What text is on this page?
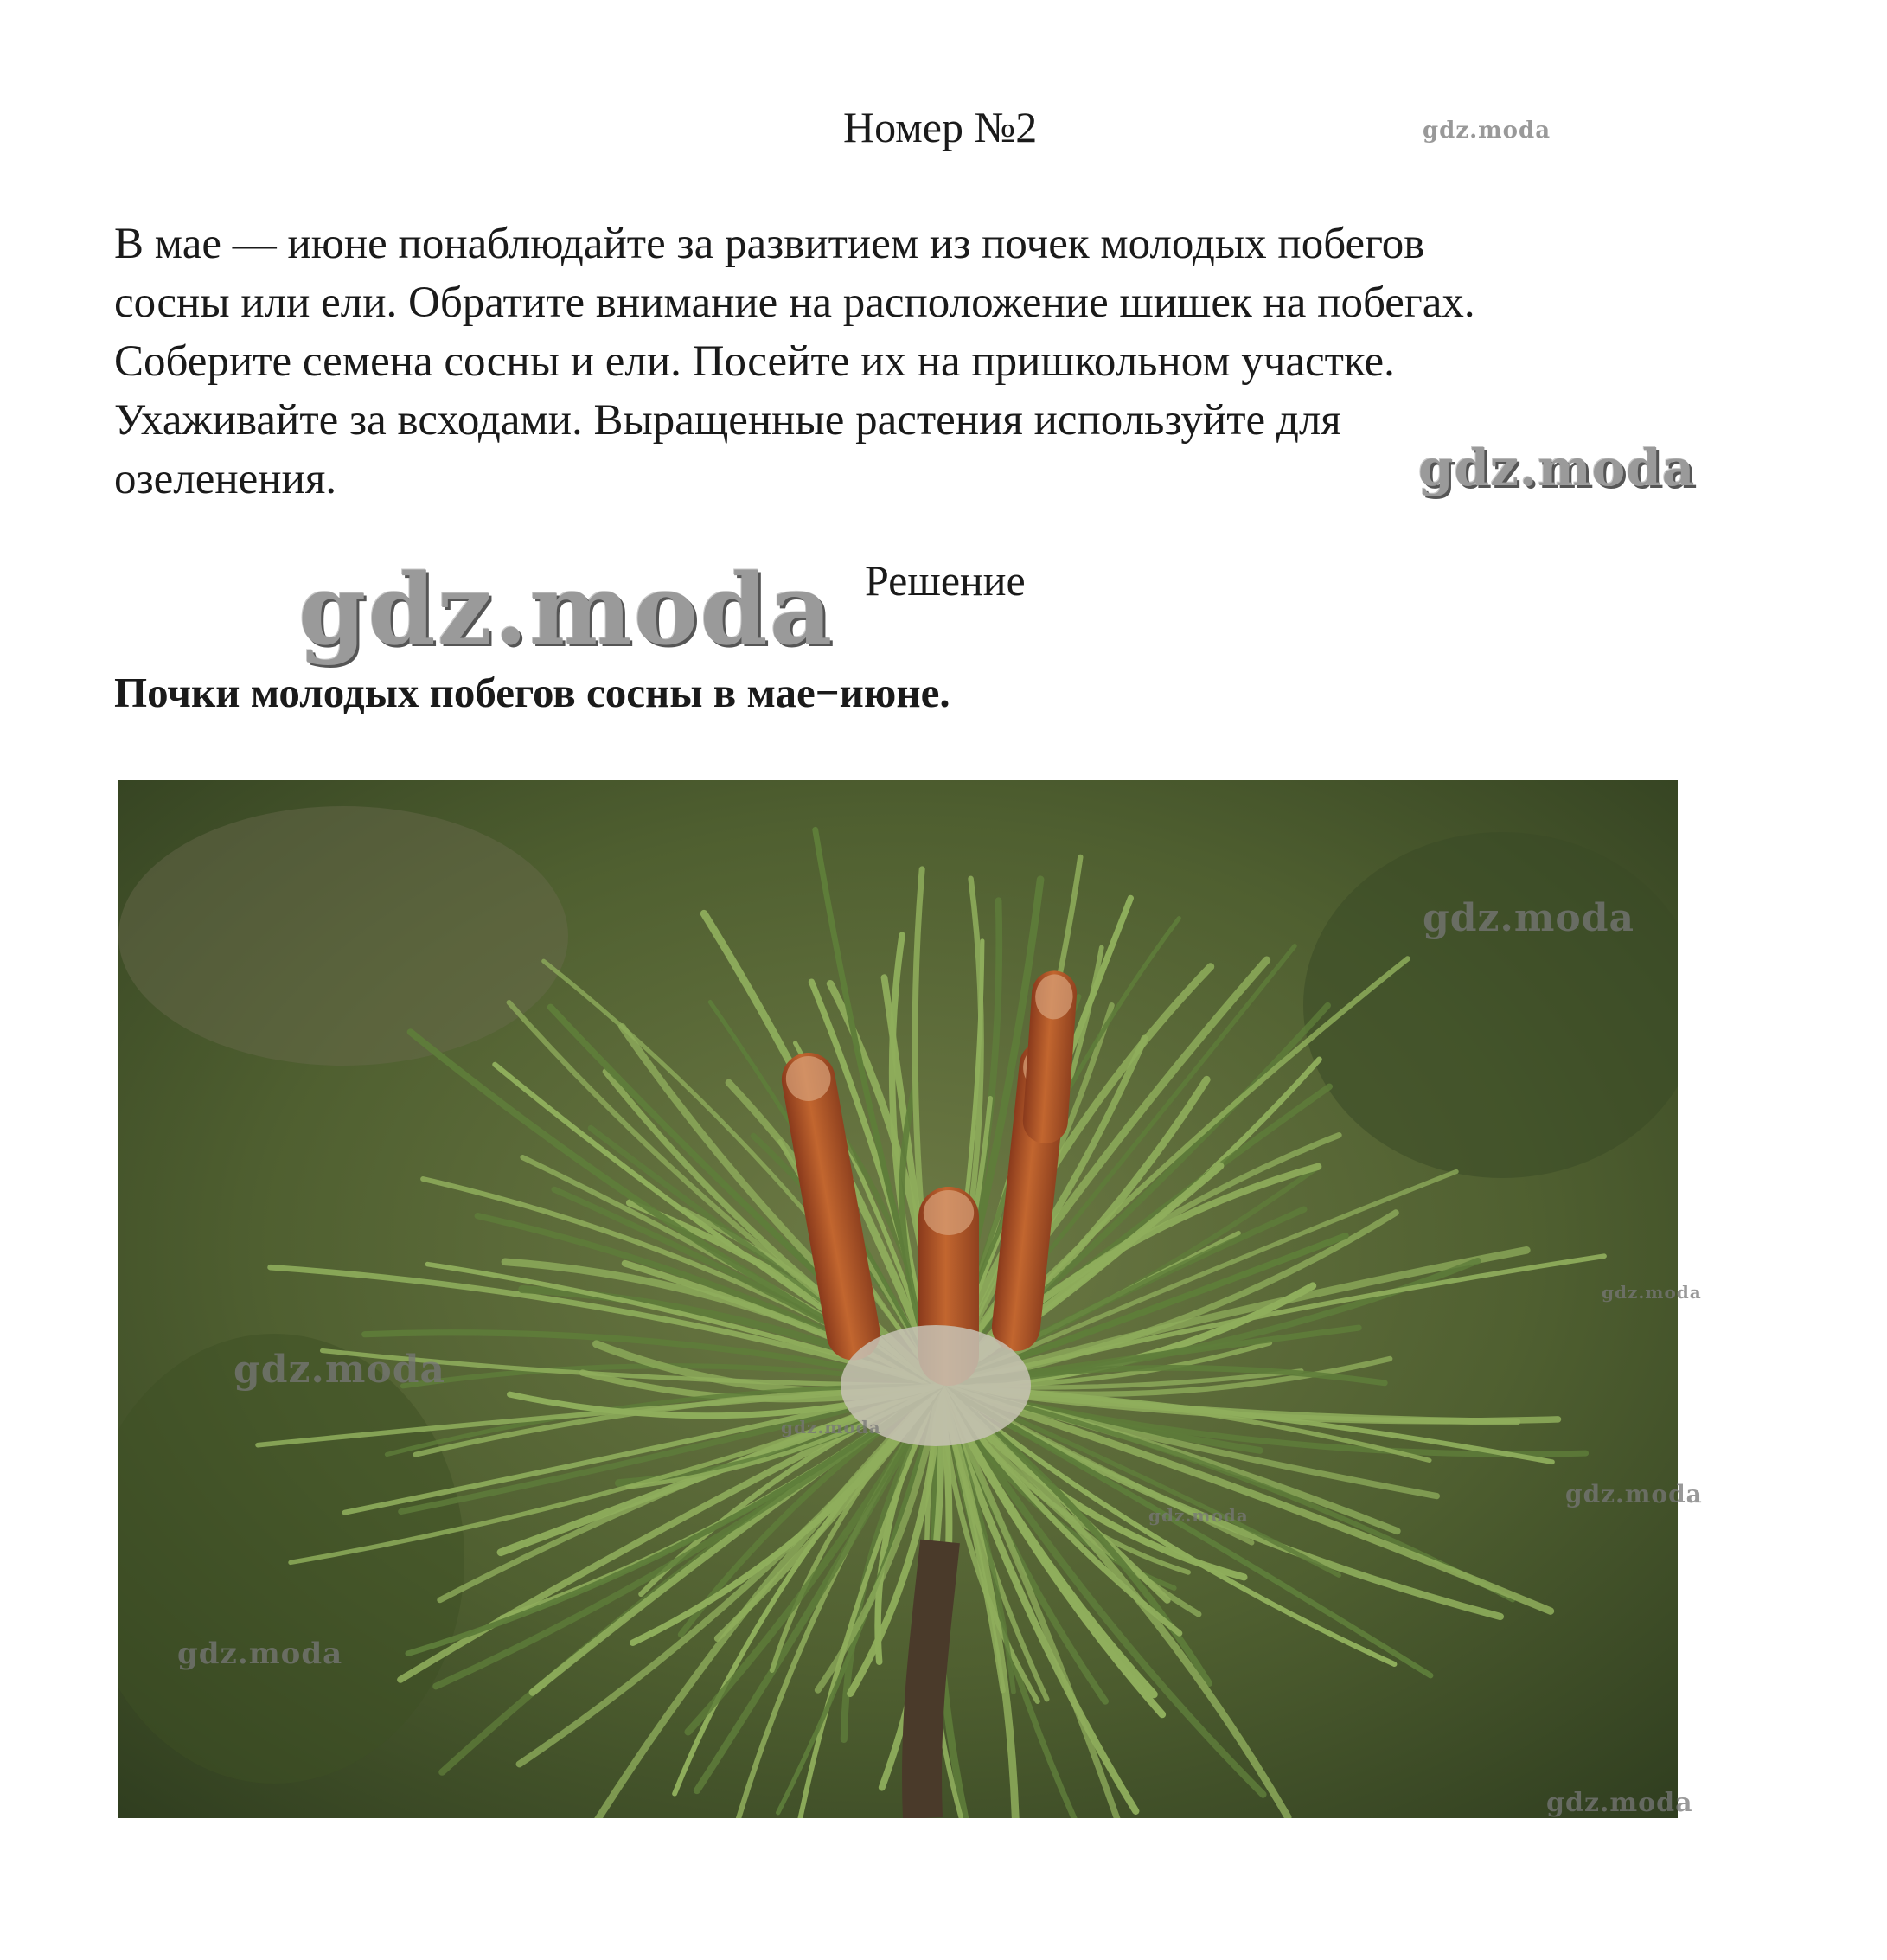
Номер №2	gdz.moda
В мае — июне понаблюдайте за развитием из почек молодых побегов
сосны или ели. Обратите внимание на расположение шишек на побегах.
Соберите семена сосны и ели. Посейте их на пришкольном участке.
Ухаживайте за всходами. Выращенные растения используйте для
озеленения.	gdz.moda
gdz.moda Решение
Почки молодых побегов сосны в мае−июне.
gdz.moda
gdz.moda
gdz.moda
gdz.moda
gdz.moda
gdz.moda
gdz.moda
gdz.moda
